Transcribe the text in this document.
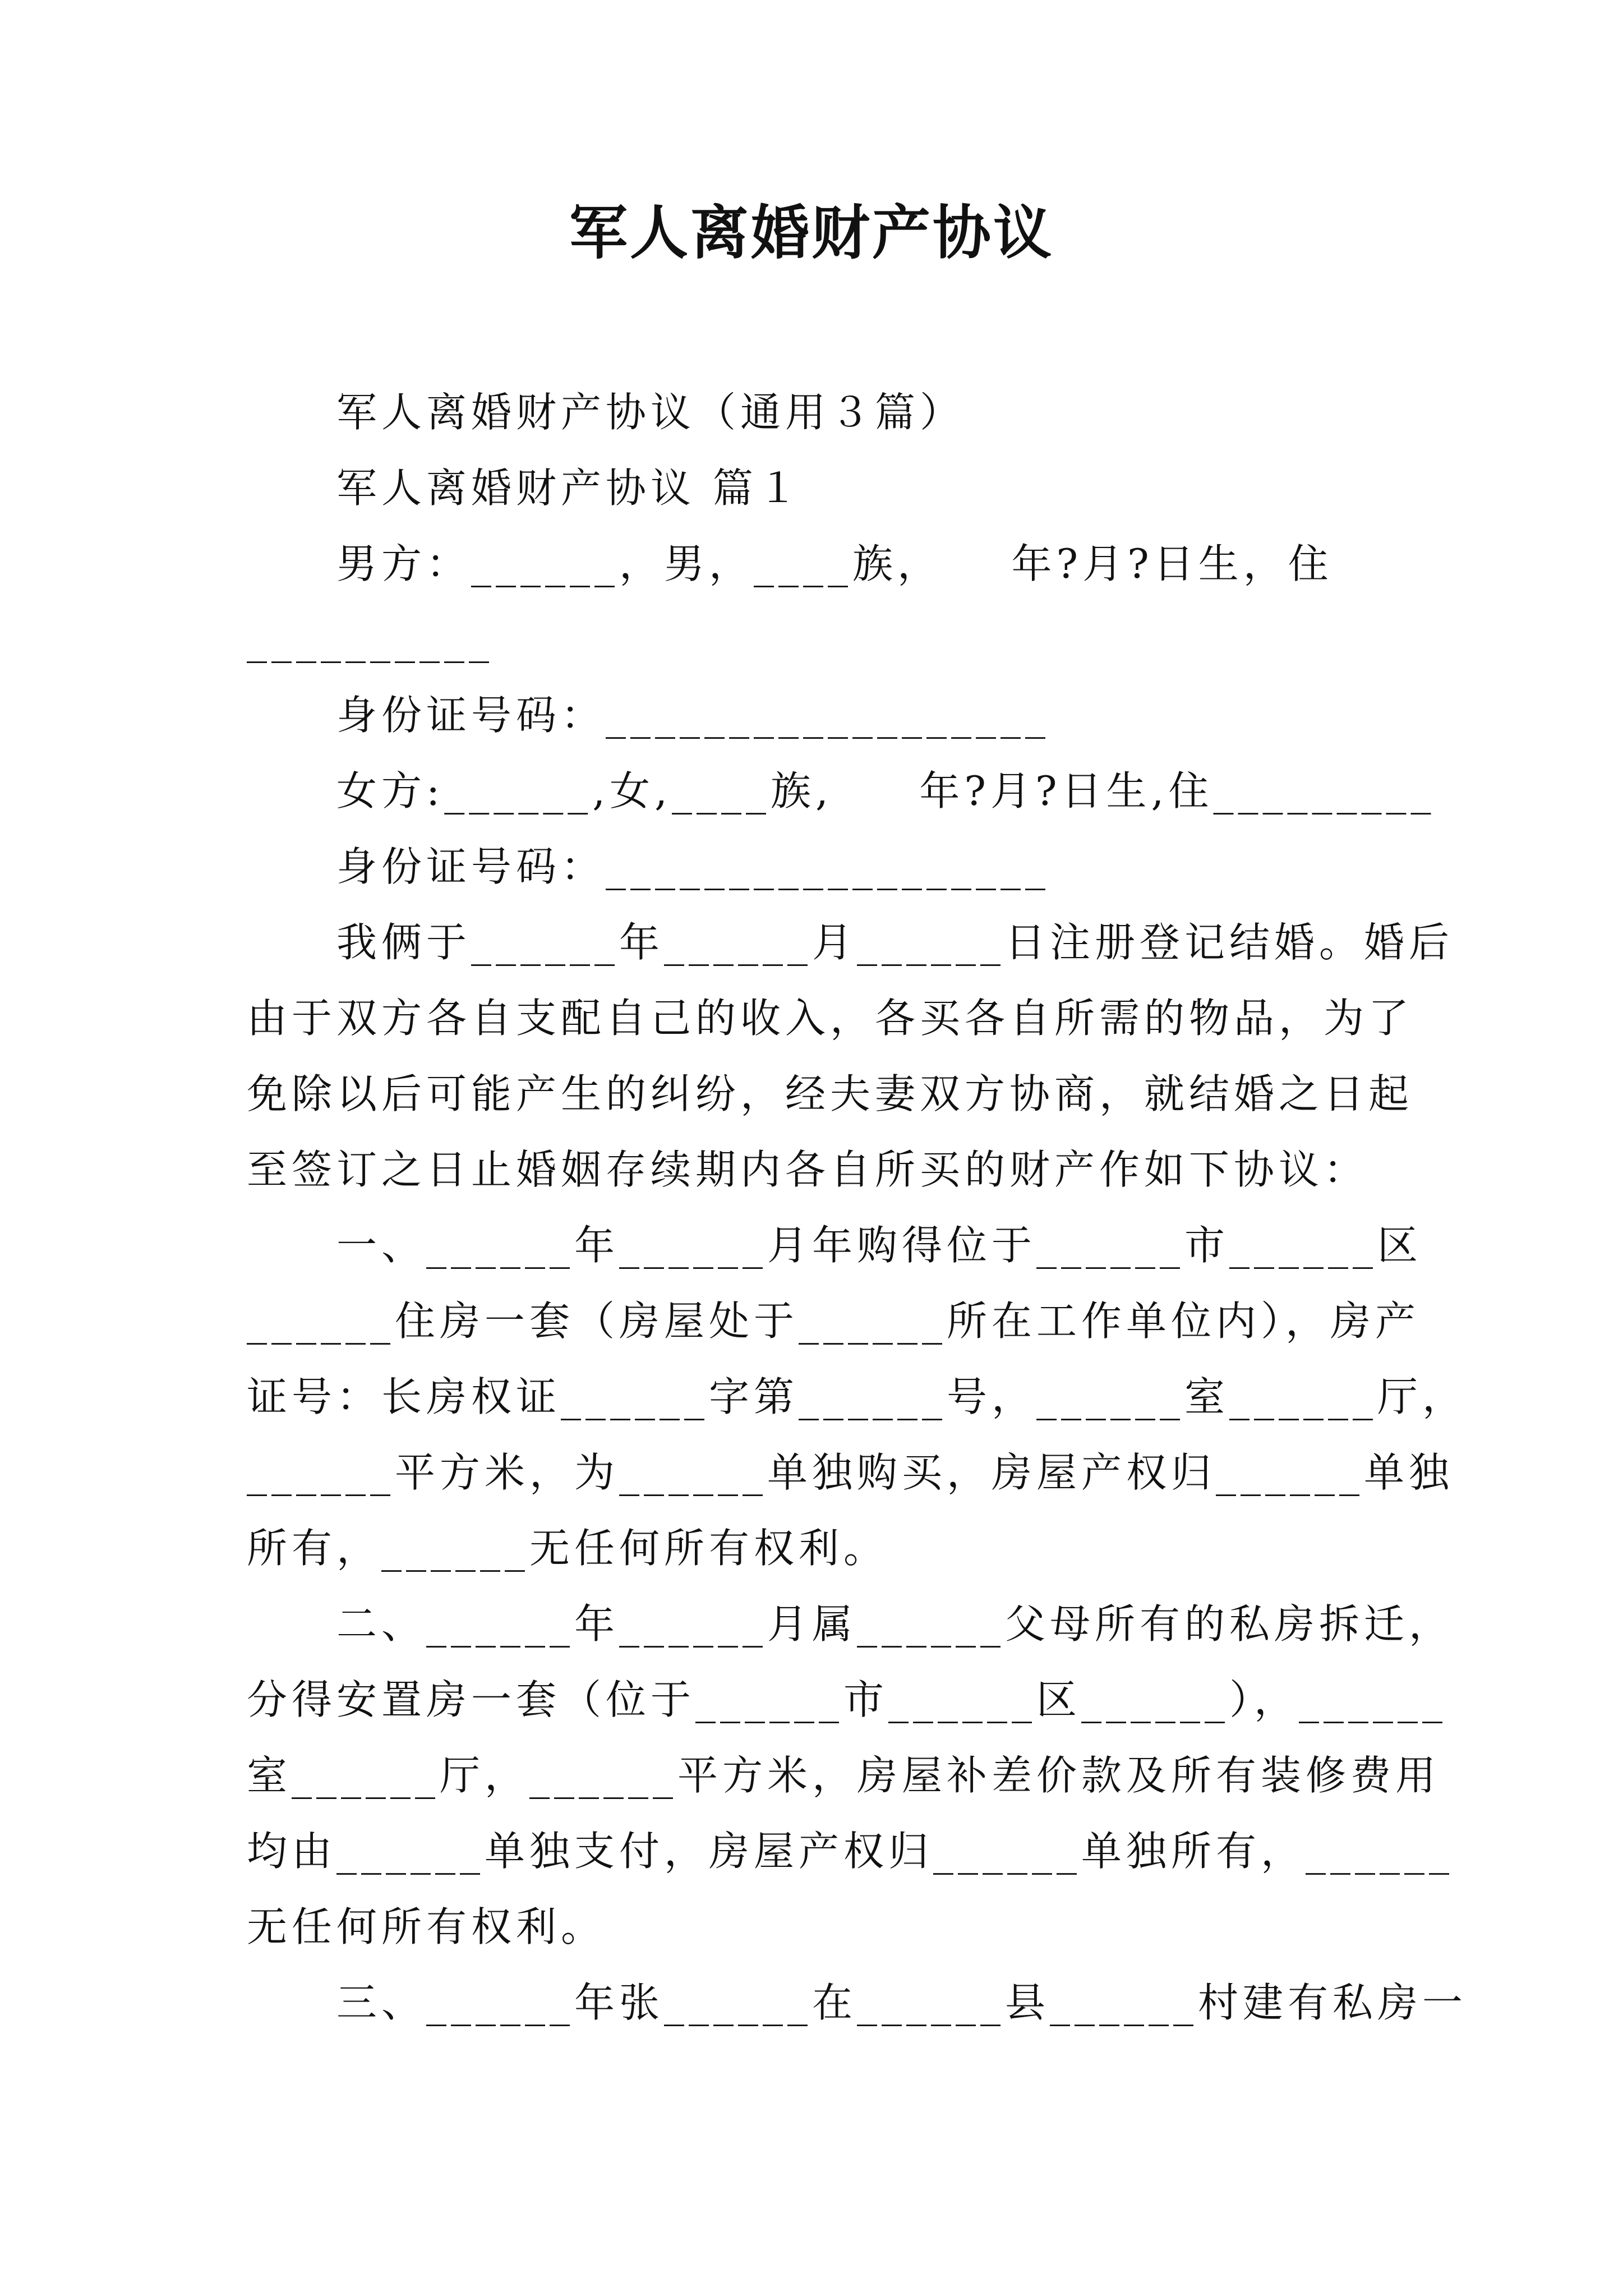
军人离婚财产协议
军人离婚财产协议（通用３篇）
军人离婚财产协议 篇１
男方：______，男，____族，    年?月?日生，住
__________
身份证号码：__________________
女方:______,女,____族,     年?月?日生,住_________
身份证号码：__________________
我俩于______年______月______日注册登记结婚。婚后
由于双方各自支配自己的收入，各买各自所需的物品，为了
免除以后可能产生的纠纷，经夫妻双方协商，就结婚之日起
至签订之日止婚姻存续期内各自所买的财产作如下协议：
一、______年______月年购得位于______市______区
______住房一套（房屋处于______所在工作单位内），房产
证号：长房权证______字第______号，______室______厅，
______平方米，为______单独购买，房屋产权归______单独
所有，______无任何所有权利。
二、______年______月属______父母所有的私房拆迁，
分得安置房一套（位于______市______区______），______
室______厅，______平方米，房屋补差价款及所有装修费用
均由______单独支付，房屋产权归______单独所有，______
无任何所有权利。
三、______年张______在______县______村建有私房一
